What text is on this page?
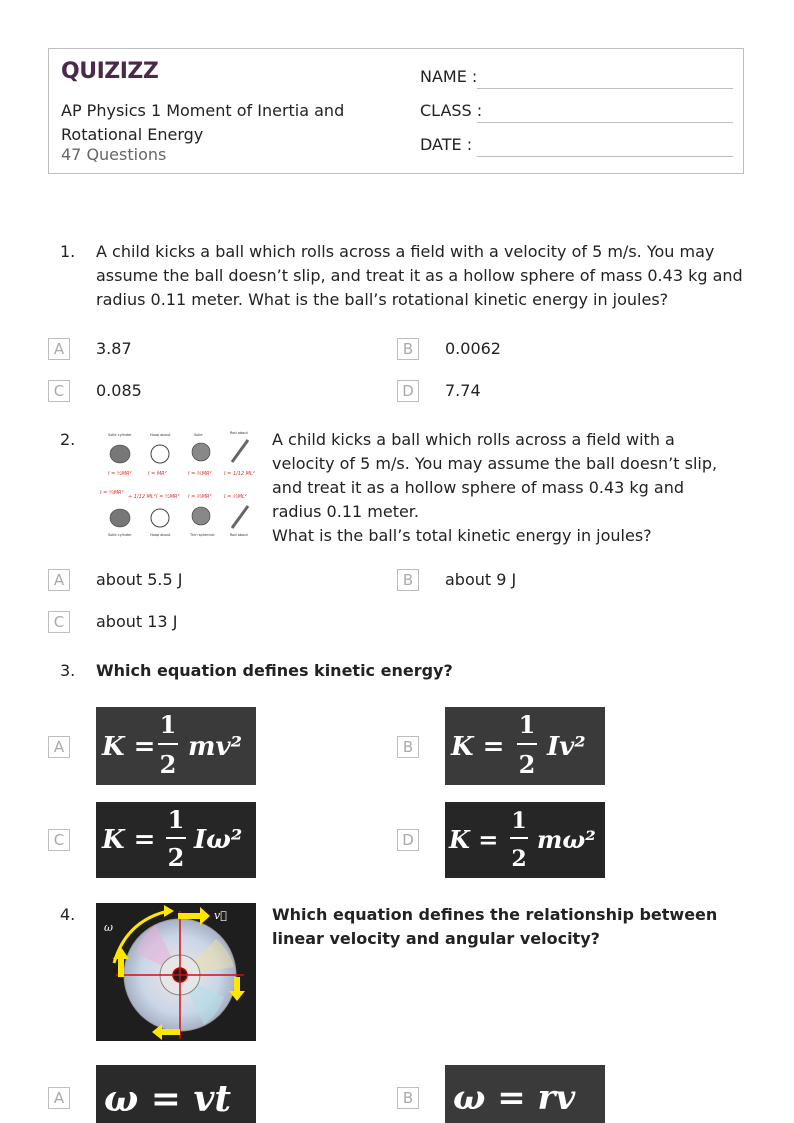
QUIZIZZ
AP Physics 1 Moment of Inertia and Rotational Energy
47 Questions
NAME :
CLASS :
DATE :
1. A child kicks a ball which rolls across a field with a velocity of 5 m/s. You may assume the ball doesn’t slip, and treat it as a hollow sphere of mass 0.43 kg and radius 0.11 meter. What is the ball’s rotational kinetic energy in joules?
A	3.87	B	0.0062
C	0.085	D	7.74
2.
I = ½MR²	I = MR²	I = ⅖MR²	I = 1/12 ML²
I = ¼MR²
+ 1/12 ML² I = ½MR² I = ⅔MR²	I = ⅓ML²
Solid cylinder	Hoop about	Solid	Rod about
Solid cylinder	Hoop about	Thin spherical	Rod about
A child kicks a ball which rolls across a field with a velocity of 5 m/s. You may assume the ball doesn’t slip, and treat it as a hollow sphere of mass 0.43 kg and radius 0.11 meter.
What is the ball’s total kinetic energy in joules?
A	about 5.5 J	B	about 9 J
C	about 13 J
3. Which equation defines kinetic energy?
A K =
1
2
mv²	B K =
1
2
Iv²
C K =
1
2
Iω²	D K =
1
2
mω²
4.
ω
v⃗	Which equation defines the relationship between linear velocity and angular velocity?
A ω = vt	B ω = rv
